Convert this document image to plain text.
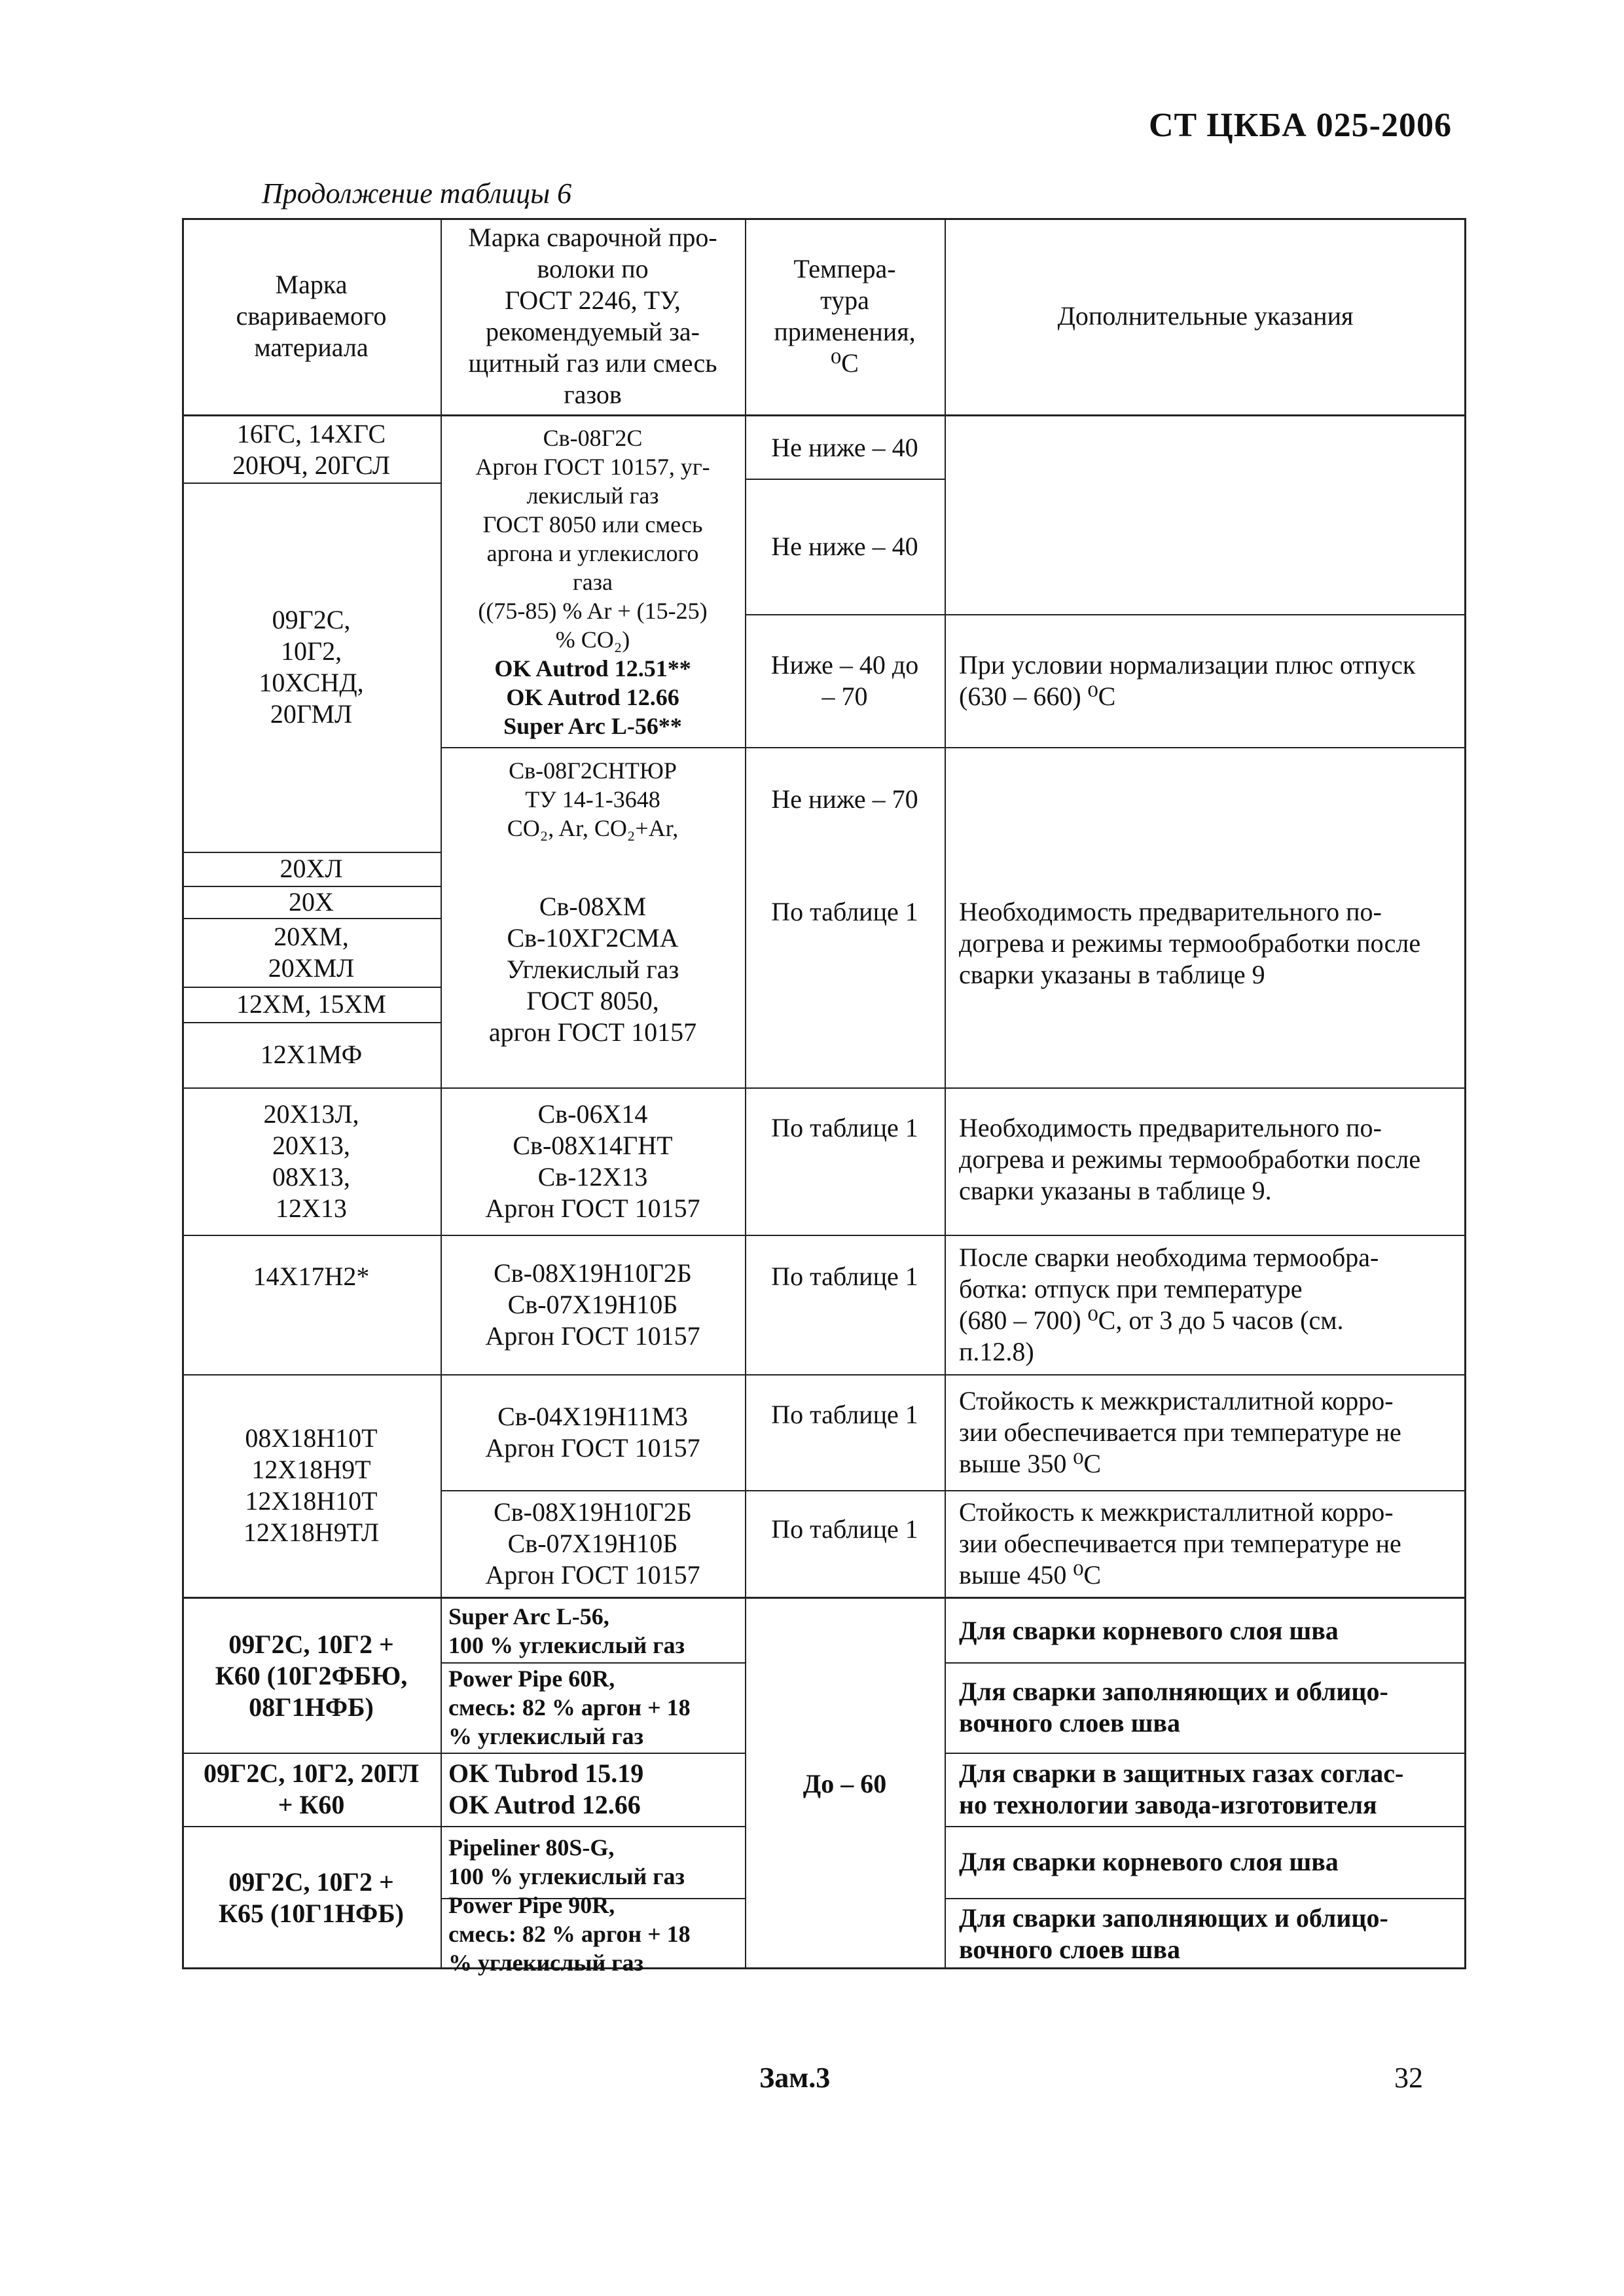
СТ ЦКБА 025-2006
Продолжение таблицы 6
Марка
свариваемого
материала
Марка сварочной про-
волоки по
ГОСТ 2246, ТУ,
рекомендуемый за-
щитный газ или смесь
газов
Темпера-
тура
применения,
⁰С
Дополнительные указания
16ГС, 14ХГС
20ЮЧ, 20ГСЛ
09Г2С,
10Г2,
10ХСНД,
20ГМЛ
20ХЛ
20Х
20ХМ,
20ХМЛ
12ХМ, 15ХМ
12Х1МФ
20Х13Л,
20Х13,
08Х13,
12Х13
14Х17Н2*
08Х18Н10Т
12Х18Н9Т
12Х18Н10Т
12Х18Н9ТЛ
09Г2С, 10Г2 +
К60 (10Г2ФБЮ,
08Г1НФБ)
09Г2С, 10Г2, 20ГЛ
+ К60
09Г2С, 10Г2 +
К65 (10Г1НФБ)
Св-08Г2С
Аргон ГОСТ 10157, уг-
лекислый газ
ГОСТ 8050 или смесь
аргона и углекислого
газа
((75-85) % Ar + (15-25)
% CO₂)
OK Autrod 12.51**
OK Autrod 12.66
Super Arc L-56**
Св-08Г2СНТЮР
ТУ 14-1-3648
CO₂, Ar, CO₂+Ar,
Св-08ХМ
Св-10ХГ2СМА
Углекислый газ
ГОСТ 8050,
аргон ГОСТ 10157
Св-06Х14
Св-08Х14ГНТ
Св-12Х13
Аргон ГОСТ 10157
Св-08Х19Н10Г2Б
Св-07Х19Н10Б
Аргон ГОСТ 10157
Св-04Х19Н11М3
Аргон ГОСТ 10157
Св-08Х19Н10Г2Б
Св-07Х19Н10Б
Аргон ГОСТ 10157
Super Arc L-56,
100 % углекислый газ
Power Pipe 60R,
смесь: 82 % аргон + 18
% углекислый газ
OK Tubrod 15.19
OK Autrod 12.66
Pipeliner 80S-G,
100 % углекислый газ
Power Pipe 90R,
смесь: 82 % аргон + 18
% углекислый газ
Не ниже – 40
Не ниже – 40
Ниже – 40 до
– 70
Не ниже – 70
По таблице 1
По таблице 1
По таблице 1
По таблице 1
По таблице 1
До – 60
При условии нормализации плюс отпуск
(630 – 660) ⁰С
Необходимость предварительного по-
догрева и режимы термообработки после
сварки указаны в таблице 9
Необходимость предварительного по-
догрева и режимы термообработки после
сварки указаны в таблице 9.
После сварки необходима термообра-
ботка: отпуск при температуре
(680 – 700) ⁰С, от 3 до 5 часов (см.
п.12.8)
Стойкость к межкристаллитной корро-
зии обеспечивается при температуре не
выше 350 ⁰С
Стойкость к межкристаллитной корро-
зии обеспечивается при температуре не
выше 450 ⁰С
Для сварки корневого слоя шва
Для сварки заполняющих и облицо-
вочного слоев шва
Для сварки в защитных газах соглас-
но технологии завода-изготовителя
Для сварки корневого слоя шва
Для сварки заполняющих и облицо-
вочного слоев шва
Зам.3	32
